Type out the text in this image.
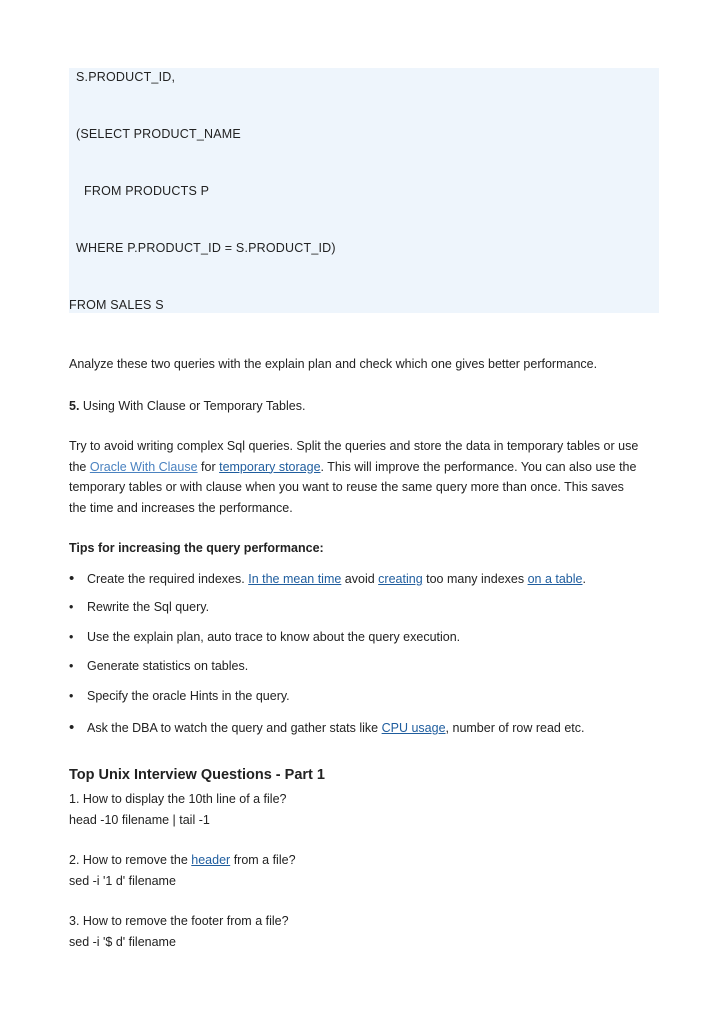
S.PRODUCT_ID,
(SELECT PRODUCT_NAME
FROM PRODUCTS P
WHERE P.PRODUCT_ID = S.PRODUCT_ID)
FROM SALES S
Analyze these two queries with the explain plan and check which one gives better performance.
5. Using With Clause or Temporary Tables.
Try to avoid writing complex Sql queries. Split the queries and store the data in temporary tables or use
the Oracle With Clause for temporary storage. This will improve the performance. You can also use the
temporary tables or with clause when you want to reuse the same query more than once. This saves
the time and increases the performance.
Tips for increasing the query performance:
• Create the required indexes. In the mean time avoid creating too many indexes on a table.
• Rewrite the Sql query.
• Use the explain plan, auto trace to know about the query execution.
• Generate statistics on tables.
• Specify the oracle Hints in the query.
• Ask the DBA to watch the query and gather stats like CPU usage, number of row read etc.
Top Unix Interview Questions - Part 1
1. How to display the 10th line of a file?
head -10 filename | tail -1
2. How to remove the header from a file?
sed -i '1 d' filename
3. How to remove the footer from a file?
sed -i '$ d' filename
